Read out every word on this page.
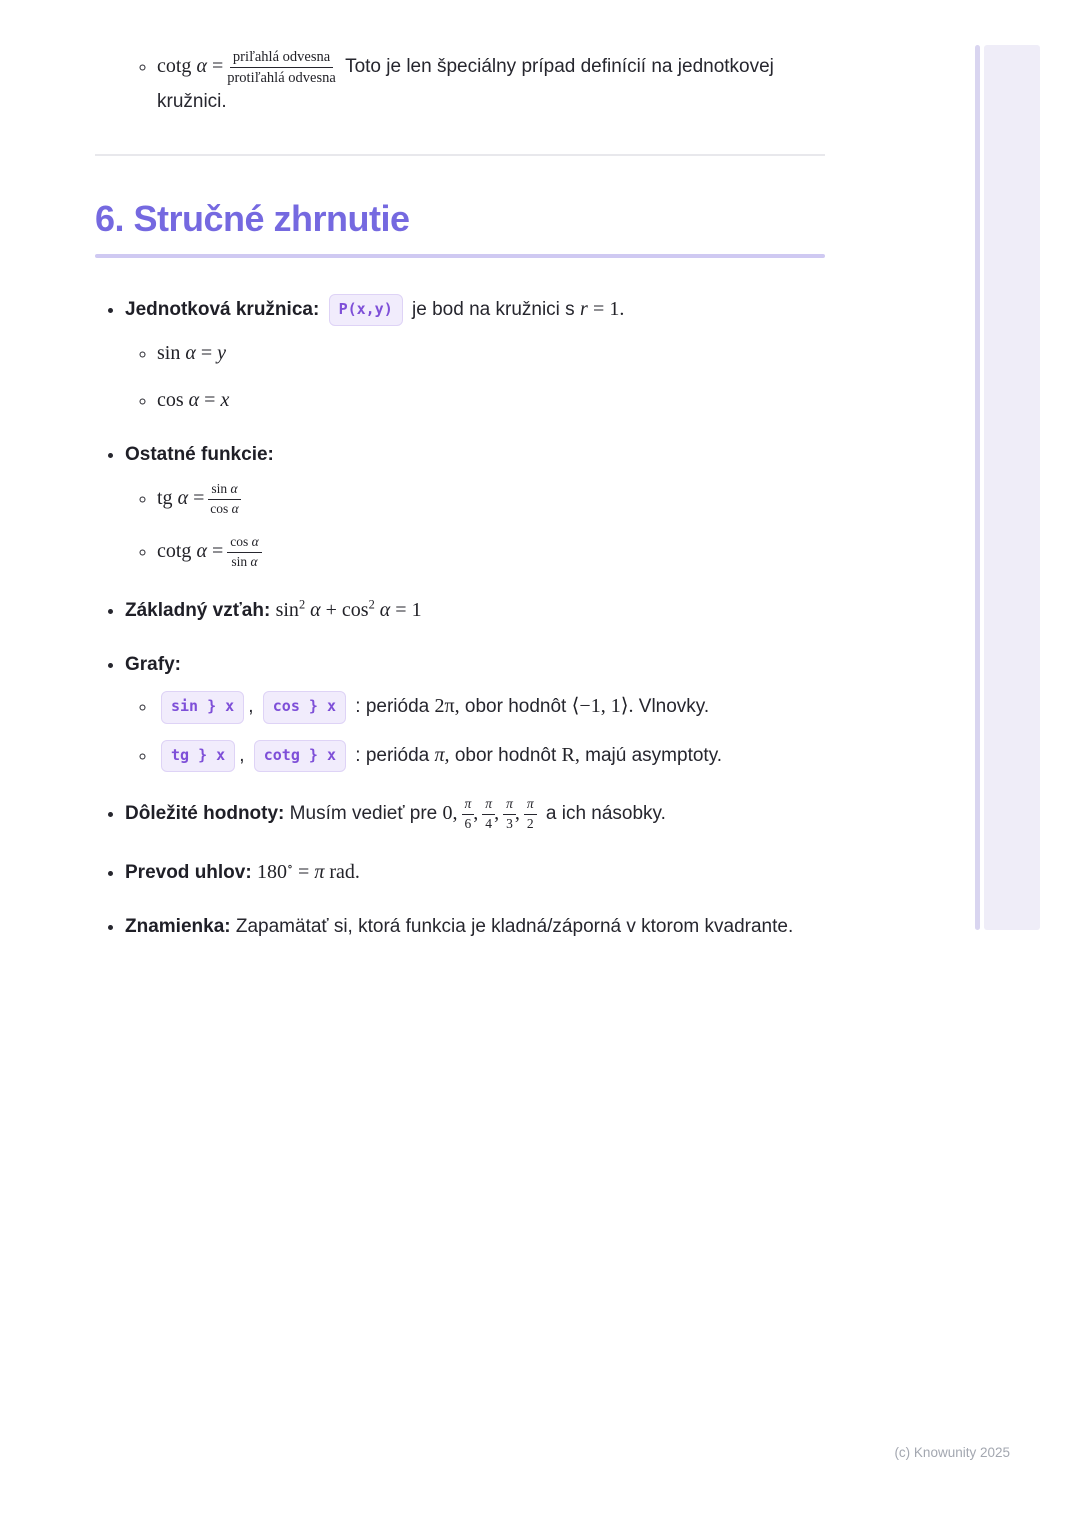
◦ cotg $\alpha = \frac{\text{priľahlá odvesna}}{\text{protiľahlá odvesna}}$ Toto je len špeciálny prípad definícií na jednotkovej kružnici.
6. Stručné zhrnutie
• Jednotková kružnica: P(x,y) je bod na kružnici s r = 1.
◦ sin α = y
◦ cos α = x
• Ostatné funkcie:
◦ tg $\alpha = \frac{\text{sin α}}{\text{cos α}}$
◦ cotg $\alpha = \frac{\text{cos α}}{\text{sin α}}$
• Základný vzťah: $\sin^2 \alpha + \cos^2 \alpha = 1$
• Grafy:
◦ sin } x , cos } x : perióda 2π, obor hodnôt ⟨−1, 1⟩. Vlnovky.
◦ tg } x , cotg } x : perióda π, obor hodnôt R, majú asymptoty.
• Dôležité hodnoty: Musím vedieť pre 0, $\frac{\pi}{6}$ , $\frac{\pi}{4}$ , $\frac{\pi}{3}$ , $\frac{\pi}{2}$ a ich násobky.
• Prevod uhlov: 180∘ = π rad.
• Znamienka: Zapamätať si, ktorá funkcia je kladná/záporná v ktorom kvadrante.
(c) Knowunity 2025
